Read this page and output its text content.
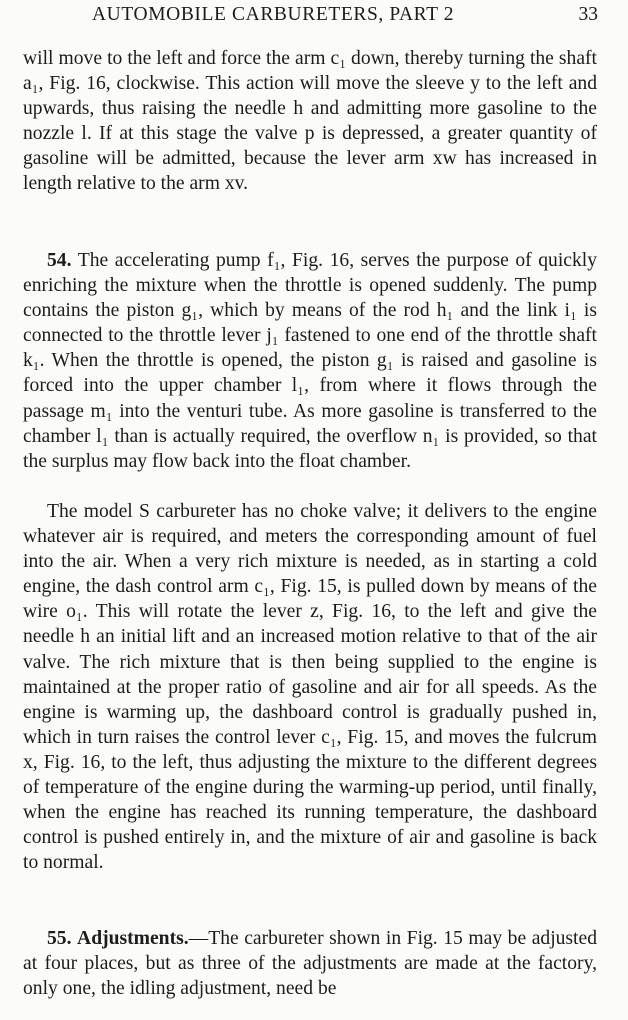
AUTOMOBILE CARBURETERS, PART 2	33

will move to the left and force the arm c₁ down, thereby turning the shaft a₁, Fig. 16, clockwise. This action will move the sleeve y to the left and upwards, thus raising the needle h and admitting more gasoline to the nozzle l. If at this stage the valve p is depressed, a greater quantity of gasoline will be admitted, because the lever arm xw has increased in length relative to the arm xv.

54. The accelerating pump f₁, Fig. 16, serves the purpose of quickly enriching the mixture when the throttle is opened suddenly. The pump contains the piston g₁, which by means of the rod h₁ and the link i₁ is connected to the throttle lever j₁ fastened to one end of the throttle shaft k₁. When the throttle is opened, the piston g₁ is raised and gasoline is forced into the upper chamber l₁, from where it flows through the passage m₁ into the venturi tube. As more gasoline is transferred to the chamber l₁ than is actually required, the overflow n₁ is provided, so that the surplus may flow back into the float chamber.

The model S carbureter has no choke valve; it delivers to the engine whatever air is required, and meters the corresponding amount of fuel into the air. When a very rich mixture is needed, as in starting a cold engine, the dash control arm c₁, Fig. 15, is pulled down by means of the wire o₁. This will rotate the lever z, Fig. 16, to the left and give the needle h an initial lift and an increased motion relative to that of the air valve. The rich mixture that is then being supplied to the engine is maintained at the proper ratio of gasoline and air for all speeds. As the engine is warming up, the dashboard control is gradually pushed in, which in turn raises the control lever c₁, Fig. 15, and moves the fulcrum x, Fig. 16, to the left, thus adjusting the mixture to the different degrees of temperature of the engine during the warming-up period, until finally, when the engine has reached its running temperature, the dashboard control is pushed entirely in, and the mixture of air and gasoline is back to normal.

55. Adjustments.—The carbureter shown in Fig. 15 may be adjusted at four places, but as three of the adjustments are made at the factory, only one, the idling adjustment, need be
